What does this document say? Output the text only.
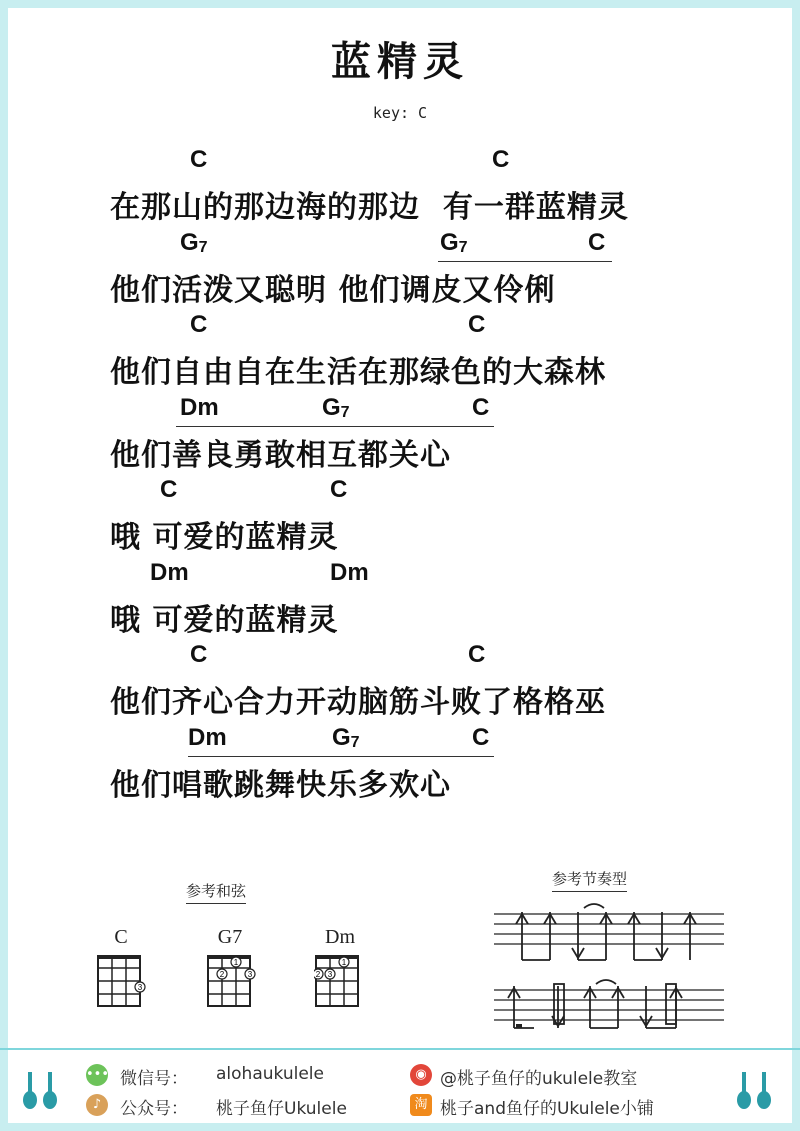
蓝精灵
key: C
C	C
在那山的那边海的那边  有一群蓝精灵
$G_7$	$G_7$	C
他们活泼又聪明 他们调皮又伶俐
C	C
他们自由自在生活在那绿色的大森林
Dm	$G_7$	C
他们善良勇敢相互都关心
C	C
哦 可爱的蓝精灵
Dm	Dm
哦 可爱的蓝精灵
C	C
他们齐心合力开动脑筋斗败了格格巫
Dm	$G_7$	C
他们唱歌跳舞快乐多欢心
参考和弦
参考节奏型
C	G7	Dm
3
1
2	3
1
2 3
••• 微信号： alohaukulele
♪	公众号： 桃子鱼仔Ukulele
◉ @桃子鱼仔的ukulele教室
淘 桃子and鱼仔的Ukulele小铺
